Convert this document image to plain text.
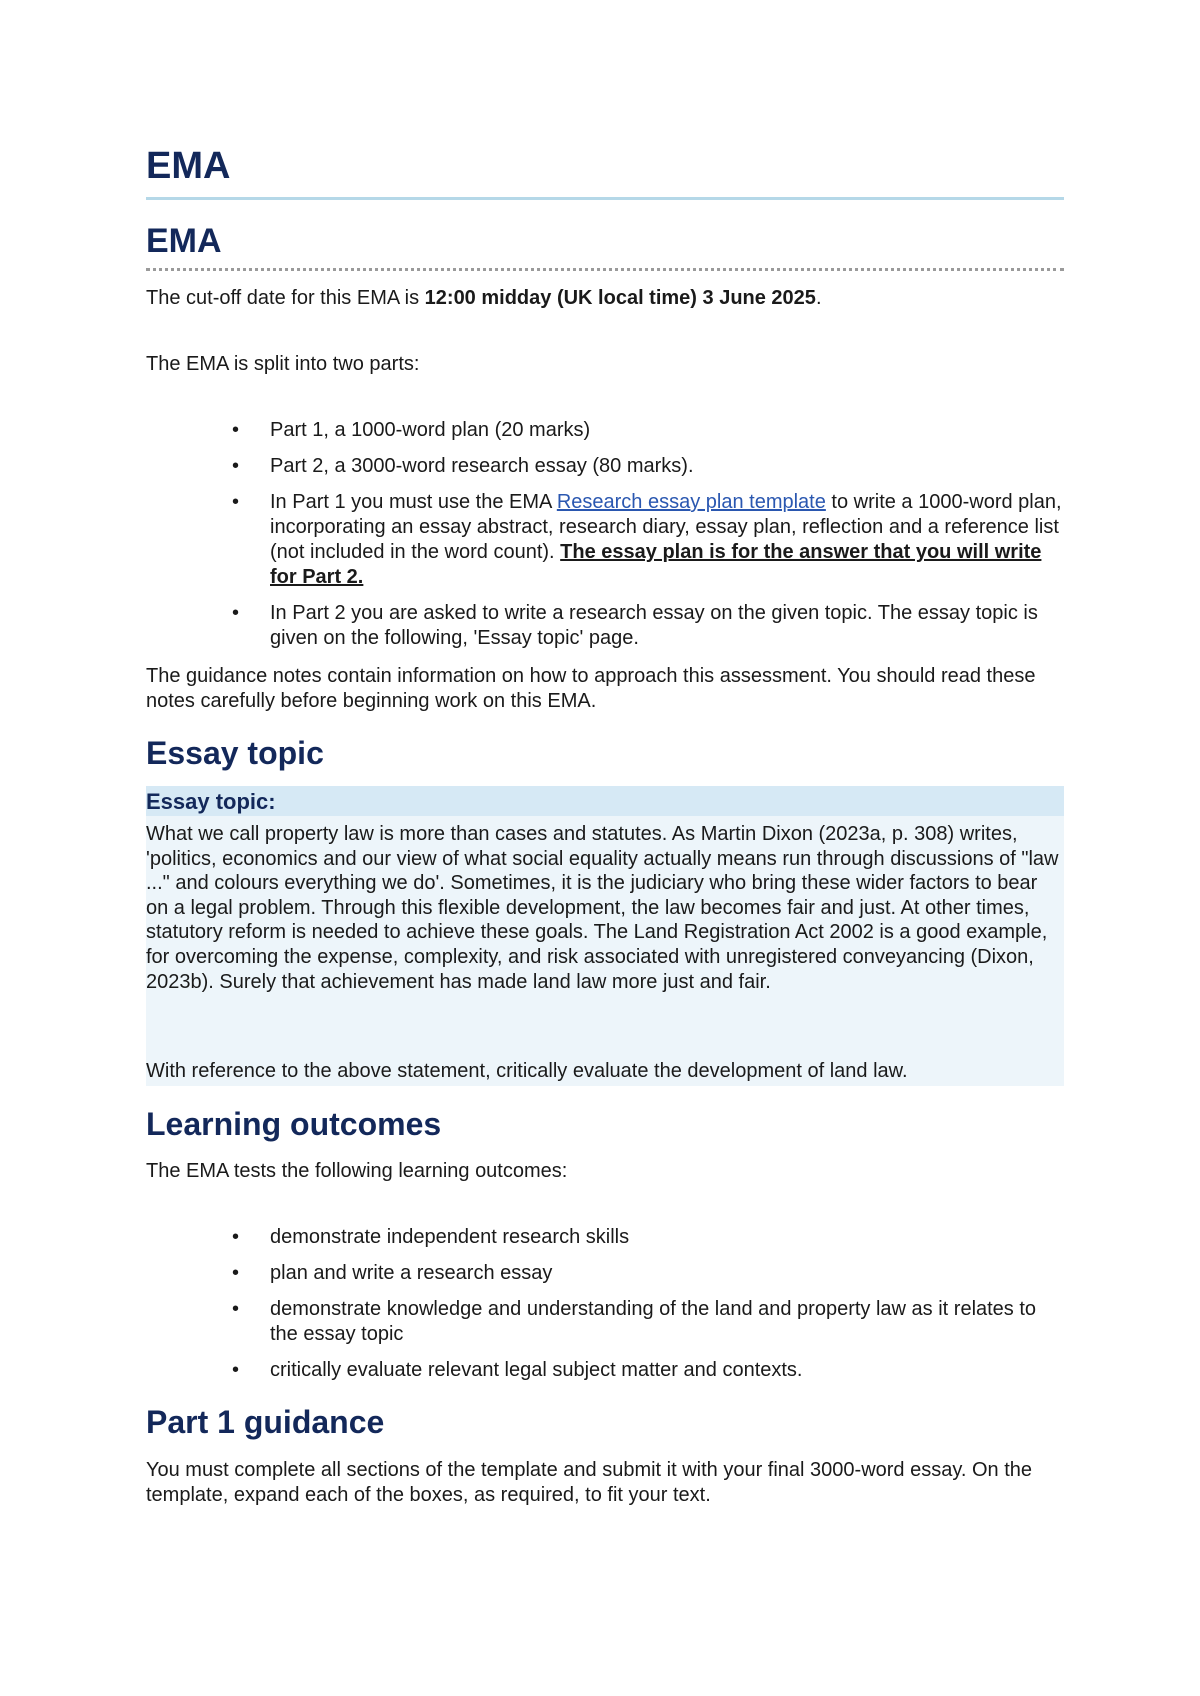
EMA
EMA

The cut-off date for this EMA is 12:00 midday (UK local time) 3 June 2025.

The EMA is split into two parts:

• Part 1, a 1000-word plan (20 marks)
• Part 2, a 3000-word research essay (80 marks).
• In Part 1 you must use the EMA Research essay plan template to write a 1000-word plan, incorporating an essay abstract, research diary, essay plan, reflection and a reference list (not included in the word count). The essay plan is for the answer that you will write for Part 2.
• In Part 2 you are asked to write a research essay on the given topic. The essay topic is given on the following, 'Essay topic' page.

The guidance notes contain information on how to approach this assessment. You should read these notes carefully before beginning work on this EMA.

Essay topic
Essay topic:

What we call property law is more than cases and statutes. As Martin Dixon (2023a, p. 308) writes, 'politics, economics and our view of what social equality actually means run through discussions of "law ..." and colours everything we do'. Sometimes, it is the judiciary who bring these wider factors to bear on a legal problem. Through this flexible development, the law becomes fair and just. At other times, statutory reform is needed to achieve these goals. The Land Registration Act 2002 is a good example, for overcoming the expense, complexity, and risk associated with unregistered conveyancing (Dixon, 2023b). Surely that achievement has made land law more just and fair.

With reference to the above statement, critically evaluate the development of land law.

Learning outcomes

The EMA tests the following learning outcomes:

• demonstrate independent research skills
• plan and write a research essay
• demonstrate knowledge and understanding of the land and property law as it relates to the essay topic
• critically evaluate relevant legal subject matter and contexts.
Part 1 guidance

You must complete all sections of the template and submit it with your final 3000-word essay. On the template, expand each of the boxes, as required, to fit your text.
